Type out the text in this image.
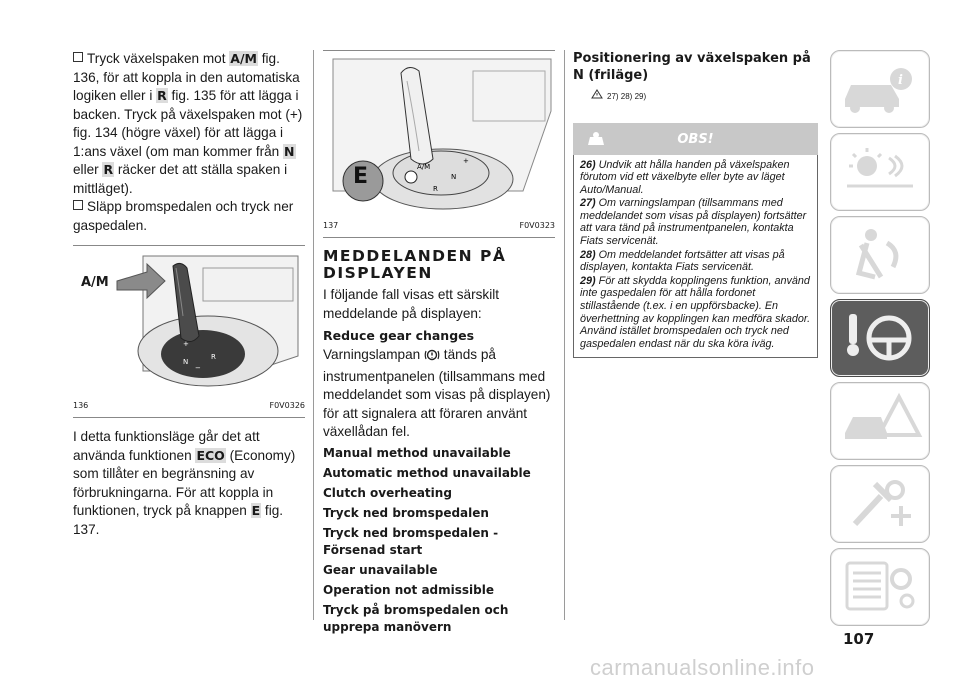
Tryck växelspaken mot A/M fig. 136, för att koppla in den automatiska logiken eller i R fig. 135 för att lägga i backen. Tryck på växelspaken mot (+) fig. 134 (högre växel) för att lägga i 1:ans växel (om man kommer från N eller R räcker det att ställa spaken i mittläget).

Släpp bromspedalen och tryck ner gaspedalen.

N
R
+
−
A/M
136	F0V0326

I detta funktionsläge går det att använda funktionen ECO (Economy) som tillåter en begränsning av förbrukningarna. För att koppla in funktionen, tryck på knappen E fig. 137.

A/M
+
R
N
E
137	F0V0323
MEDDELANDEN PÅ DISPLAYEN

I följande fall visas ett särskilt meddelande på displayen:

Reduce gear changes

Varningslampan  tänds på instrumentpanelen (tillsammans med meddelandet som visas på displayen) för att signalera att föraren använt växellådan fel.

Manual method unavailable
Automatic method unavailable
Clutch overheating
Tryck ned bromspedalen
Tryck ned bromspedalen - Försenad start
Gear unavailable
Operation not admissible
Tryck på bromspedalen och upprepa manövern
Positionering av växelspaken på N (friläge)
27) 28) 29)
OBS!

26) Undvik att hålla handen på växelspaken förutom vid ett växelbyte eller byte av läget Auto/Manual.

27) Om varningslampan (tillsammans med meddelandet som visas på displayen) fortsätter att vara tänd på instrumentpanelen, kontakta Fiats servicenät.

28) Om meddelandet fortsätter att visas på displayen, kontakta Fiats servicenät.

29) För att skydda kopplingens funktion, använd inte gaspedalen för att hålla fordonet stillastående (t.ex. i en uppförsbacke). En överhettning av kopplingen kan medföra skador. Använd istället bromspedalen och tryck ned gaspedalen endast när du ska köra iväg.

i
107
carmanualsonline.info
